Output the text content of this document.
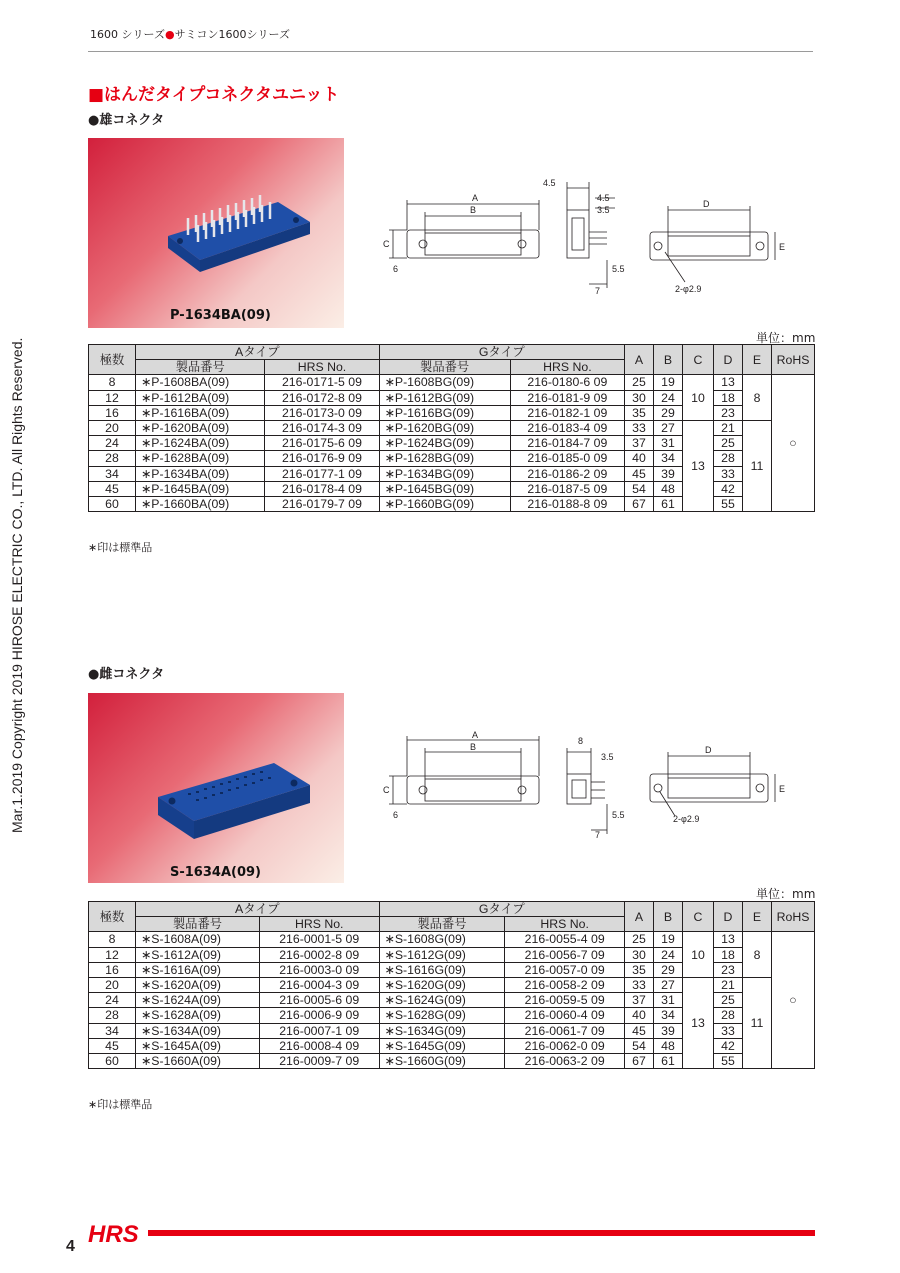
1600 シリーズ●サミコン1600シリーズ
■はんだタイプコネクタユニット
●雄コネクタ
P-1634BA(09)
A
B
C
6
4.5
4.5
3.5
5.5
7
D
E
2-φ2.9
単位：mm
極数	Aタイプ		Gタイプ		A	B	C	D	E	RoHS
	製品番号	HRS No.	製品番号	HRS No.						
8	∗P-1608BA(09)	216-0171-5 09	∗P-1608BG(09)	216-0180-6 09	25	19	10	13	8	○
12	∗P-1612BA(09)	216-0172-8 09	∗P-1612BG(09)	216-0181-9 09	30	24		18		
16	∗P-1616BA(09)	216-0173-0 09	∗P-1616BG(09)	216-0182-1 09	35	29		23		
20	∗P-1620BA(09)	216-0174-3 09	∗P-1620BG(09)	216-0183-4 09	33	27	13	21	11	
24	∗P-1624BA(09)	216-0175-6 09	∗P-1624BG(09)	216-0184-7 09	37	31		25		
28	∗P-1628BA(09)	216-0176-9 09	∗P-1628BG(09)	216-0185-0 09	40	34		28		
34	∗P-1634BA(09)	216-0177-1 09	∗P-1634BG(09)	216-0186-2 09	45	39		33		
45	∗P-1645BA(09)	216-0178-4 09	∗P-1645BG(09)	216-0187-5 09	54	48		42		
60	∗P-1660BA(09)	216-0179-7 09	∗P-1660BG(09)	216-0188-8 09	67	61		55		
∗印は標準品
●雌コネクタ
S-1634A(09)
A
B
C
6
8
3.5
5.5
7
D
E
2-φ2.9
単位：mm
極数	Aタイプ		Gタイプ		A	B	C	D	E	RoHS
	製品番号	HRS No.	製品番号	HRS No.						
8	∗S-1608A(09)	216-0001-5 09	∗S-1608G(09)	216-0055-4 09	25	19	10	13	8	○
12	∗S-1612A(09)	216-0002-8 09	∗S-1612G(09)	216-0056-7 09	30	24		18		
16	∗S-1616A(09)	216-0003-0 09	∗S-1616G(09)	216-0057-0 09	35	29		23		
20	∗S-1620A(09)	216-0004-3 09	∗S-1620G(09)	216-0058-2 09	33	27	13	21	11	
24	∗S-1624A(09)	216-0005-6 09	∗S-1624G(09)	216-0059-5 09	37	31		25		
28	∗S-1628A(09)	216-0006-9 09	∗S-1628G(09)	216-0060-4 09	40	34		28		
34	∗S-1634A(09)	216-0007-1 09	∗S-1634G(09)	216-0061-7 09	45	39		33		
45	∗S-1645A(09)	216-0008-4 09	∗S-1645G(09)	216-0062-0 09	54	48		42		
60	∗S-1660A(09)	216-0009-7 09	∗S-1660G(09)	216-0063-2 09	67	61		55		
∗印は標準品
Mar.1.2019 Copyright 2019 HIROSE ELECTRIC CO., LTD. All Rights Reserved.
4 HRS
